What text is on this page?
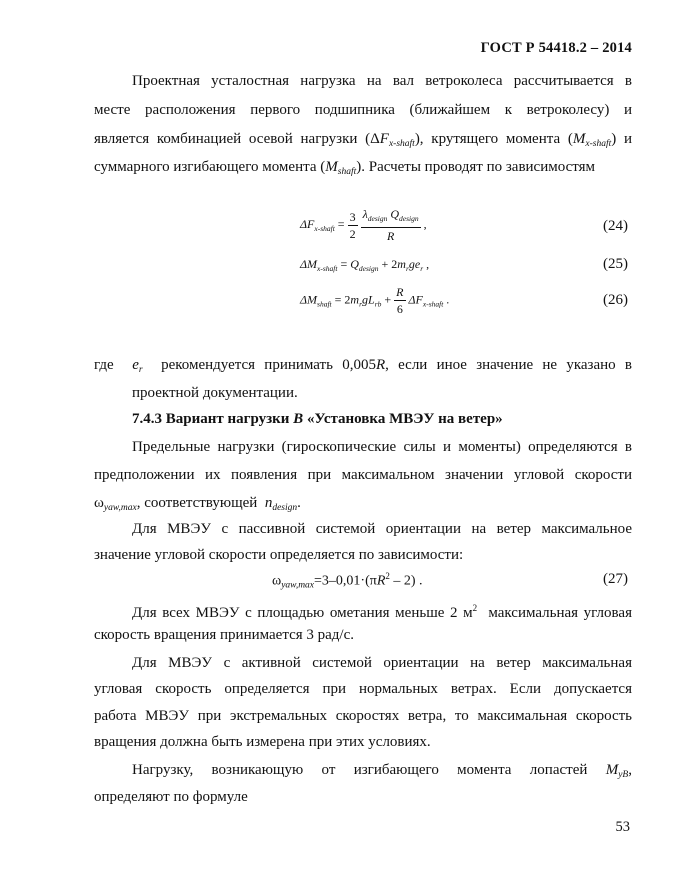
ГОСТ Р 54418.2 – 2014
Проектная усталостная нагрузка на вал ветроколеса рассчитывается в
месте расположения первого подшипника (ближайшем к ветроколесу) и
является комбинацией осевой нагрузки $(\Delta F_{x-shaft})$, крутящего момента $(M_{x-shaft})$ и
суммарного изгибающего момента $(M_{shaft})$. Расчеты проводят по зависимостям
$\Delta F_{x-shaft} = \frac{3}{2}$
$\frac{\lambda_{design} Q_{design}}{R}$ ,	(24)
$\Delta M_{x-shaft} = Q_{design} + 2m_rge_r$ ,	(25)
$\Delta M_{shaft} = 2m_rgL_{rb} + \frac{R}{6} \Delta F_{x-shaft}$ .	(26)
где $e_r$ рекомендуется принимать 0,005R, если иное значение не указано в
проектной документации.
7.4.3 Вариант нагрузки B «Установка МВЭУ на ветер»
Предельные нагрузки (гироскопические силы и моменты) определяются в
предположении их появления при максимальном значении угловой скорости
$\omega_{yaw,max}$, соответствующей $n_{design}$.
Для МВЭУ с пассивной системой ориентации на ветер максимальное
значение угловой скорости определяется по зависимости:
$\omega_{yaw,max}=3-0,01\cdot(\pi R^2 - 2)$ .	(27)
Для всех МВЭУ с площадью ометания меньше 2 $м^2$ максимальная угловая
скорость вращения принимается 3 рад/с.
Для МВЭУ с активной системой ориентации на ветер максимальная
угловая скорость определяется при нормальных ветрах. Если допускается
работа МВЭУ при экстремальных скоростях ветра, то максимальная скорость
вращения должна быть измерена при этих условиях.
Нагрузку, возникающую от изгибающего момента лопастей $M_{yB}$,
определяют по формуле
53
